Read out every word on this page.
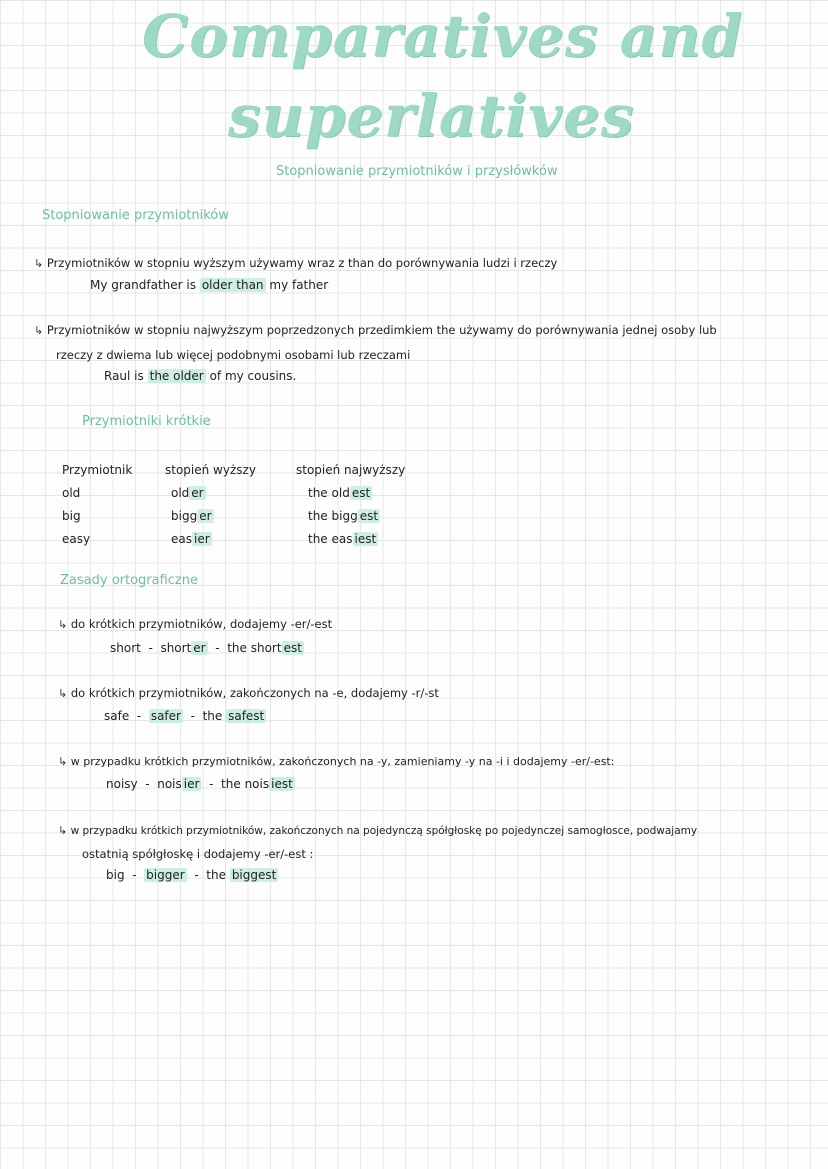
Comparatives and
superlatives
Stopniowanie przymiotników i przysłówków
Stopniowanie przymiotników
↳ Przymiotników w stopniu wyższym używamy wraz z than do porównywania ludzi i rzeczy
My grandfather is older than my father
↳ Przymiotników w stopniu najwyższym poprzedzonych przedimkiem the używamy do porównywania jednej osoby lub
rzeczy z dwiema lub więcej podobnymi osobami lub rzeczami
Raul is the older of my cousins.
Przymiotniki krótkie
Przymiotnik	stopień wyższy	stopień najwyższy
old	old er	the old est
big	bigg er	the bigg est
easy	eas ier	the eas iest
Zasady ortograficzne
↳ do krótkich przymiotników, dodajemy -er/-est
short  -  short er  -  the short est
↳ do krótkich przymiotników, zakończonych na -e, dodajemy -r/-st
safe  -  safer  -  the safest
↳ w przypadku krótkich przymiotników, zakończonych na -y, zamieniamy -y na -i i dodajemy -er/-est:
noisy  -  nois ier  -  the nois iest
↳ w przypadku krótkich przymiotników, zakończonych na pojedynczą spółgłoskę po pojedynczej samogłosce, podwajamy
ostatnią spółgłoskę i dodajemy -er/-est :
big  -  bigger  -  the biggest
